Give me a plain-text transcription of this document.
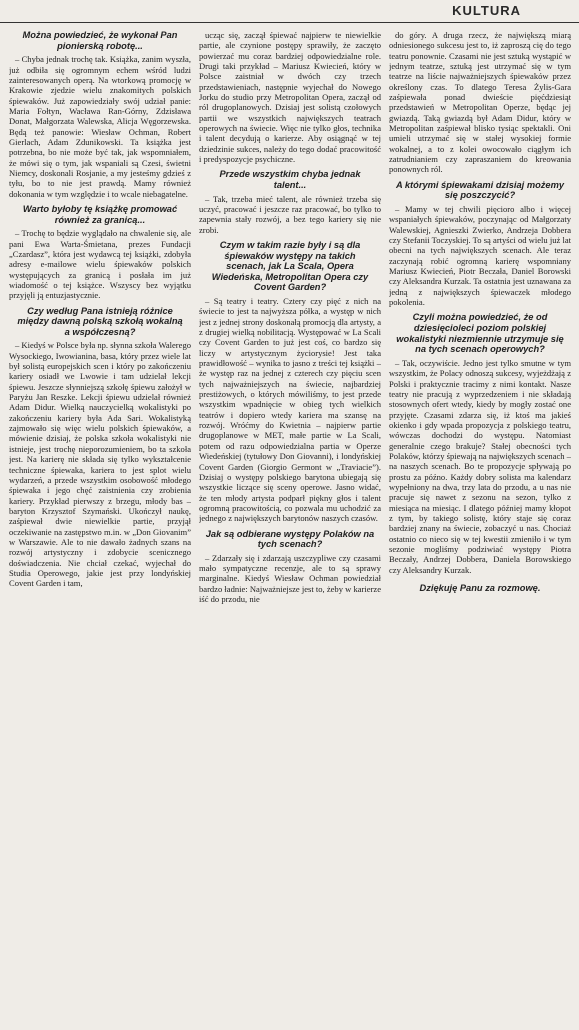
KULTURA
Można powiedzieć, że wykonał Pan pionierską robotę...

– Chyba jednak trochę tak. Książka, zanim wyszła, już odbiła się ogromnym echem wśród ludzi zainteresowanych operą. Na wtorkową promocję w Krakowie zjedzie wielu znakomitych polskich śpiewaków. Już zapowiedziały swój udział panie: Maria Fołtyn, Wacława Ran-Górny, Zdzisława Donat, Małgorzata Walewska, Alicja Węgorzewska. Będą też panowie: Wiesław Ochman, Robert Gierlach, Adam Zdunikowski. Ta książka jest potrzebna, bo nie może być tak, jak wspomniałem, że mówi się o tym, jak wspaniali są Czesi, świetni Niemcy, doskonali Rosjanie, a my jesteśmy gdzieś z tyłu, bo to nie jest prawdą. Mamy również dokonania w tym względzie i to wcale niebagatelne.

Warto byłoby tę książkę promować również za granicą...

– Trochę to będzie wyglądało na chwalenie się, ale pani Ewa Warta-Śmietana, prezes Fundacji „Czardasz”, która jest wydawcą tej książki, zdobyła adresy e-mailowe wielu śpiewaków polskich występujących za granicą i posłała im już wiadomość o tej książce. Wszyscy bez wyjątku przyjęli ją entuzjastycznie.

Czy według Pana istnieją różnice między dawną polską szkołą wokalną a współczesną?

– Kiedyś w Polsce była np. słynna szkoła Walerego Wysockiego, Iwowianina, basa, który przez wiele lat był solistą europejskich scen i który po zakończeniu kariery osiadł we Lwowie i tam udzielał lekcji śpiewu. Jeszcze słynniejszą szkołę śpiewu założył w Paryżu Jan Reszke. Lekcji śpiewu udzielał również Adam Didur. Wielką nauczycielką wokalistyki po zakończeniu kariery była Ada Sari. Wokalistyką zajmowało się więc wielu polskich śpiewaków, a mówienie dzisiaj, że polska szkoła wokalistyki nie istnieje, jest trochę nieporozumieniem, bo ta szkoła jest. Na karierę nie składa się tylko wykształcenie techniczne śpiewaka, kariera to jest splot wielu wydarzeń, a przede wszystkim osobowość młodego śpiewaka i jego chęć zaistnienia czy zrobienia kariery. Przykład pierwszy z brzegu, młody bas – baryton Krzysztof Szymański. Ukończył naukę, zaśpiewał dwie niewielkie partie, przyjął oczekiwanie na zastępstwo m.in. w „Don Giovanim” w Warszawie. Ale to nie dawało żadnych szans na rozwój artystyczny i zdobycie scenicznego doświadczenia. Nie chciał czekać, wyjechał do Studia Operowego, jakie jest przy londyńskiej Covent Garden i tam,

ucząc się, zaczął śpiewać najpierw te niewielkie partie, ale czynione postępy sprawiły, że zaczęto powierzać mu coraz bardziej odpowiedzialne role. Drugi taki przykład – Mariusz Kwiecień, który w Polsce zaistniał w dwóch czy trzech przedstawieniach, następnie wyjechał do Nowego Jorku do studio przy Metropolitan Opera, zaczął od ról drugoplanowych. Dzisiaj jest solistą czołowych partii we wszystkich największych teatrach operowych na świecie. Więc nie tylko głos, technika i talent decydują o karierze. Aby osiągnąć w tej dziedzinie sukces, należy do tego dodać pracowitość i predyspozycje psychiczne.

Przede wszystkim chyba jednak talent...

– Tak, trzeba mieć talent, ale również trzeba się uczyć, pracować i jeszcze raz pracować, bo tylko to zapewnia stały rozwój, a bez tego kariery się nie zrobi.

Czym w takim razie były i są dla śpiewaków występy na takich scenach, jak La Scala, Opera Wiedeńska, Metropolitan Opera czy Covent Garden?

– Są teatry i teatry. Cztery czy pięć z nich na świecie to jest ta najwyższa półka, a występ w nich jest z jednej strony doskonałą promocją dla artysty, a z drugiej wielką nobilitacją. Występować w La Scali czy Covent Garden to już jest coś, co bardzo się liczy w artystycznym życiorysie! Jest taka prawidłowość – wynika to jasno z treści tej książki – że występ raz na jednej z czterech czy pięciu scen tych najważniejszych na świecie, najbardziej prestiżowych, o których mówiliśmy, to jest przede wszystkim wpadnięcie w obieg tych wielkich teatrów i dopiero wtedy kariera ma szansę na rozwój. Wróćmy do Kwietnia – najpierw partie drugoplanowe w MET, małe partie w La Scali, potem od razu odpowiedzialna partia w Operze Wiedeńskiej (tytułowy Don Giovanni), i londyńskiej Covent Garden (Giorgio Germont w „Traviacie”). Dzisiaj o występy polskiego barytona ubiegają się wszystkie liczące się sceny operowe. Jasno widać, że ten młody artysta podparł piękny głos i talent ogromną pracowitością, co pozwala mu uchodzić za jednego z największych barytonów naszych czasów.

Jak są odbierane występy Polaków na tych scenach?

– Zdarzały się i zdarzają uszczypliwe czy czasami mało sympatyczne recenzje, ale to są sprawy marginalne. Kiedyś Wiesław Ochman powiedział bardzo ładnie: Najważniejsze jest to, żeby w karierze iść do przodu, nie

do góry. A druga rzecz, że największą miarą odniesionego sukcesu jest to, iż zaproszą cię do tego teatru ponownie. Czasami nie jest sztuką wystąpić w jednym teatrze, sztuką jest utrzymać się w tym teatrze na liście najważniejszych śpiewaków przez określony czas. To dlatego Teresa Żylis-Gara zaśpiewała ponad dwieście pięćdziesiąt przedstawień w Metropolitan Operze, będąc jej gwiazdą. Taką gwiazdą był Adam Didur, który w Metropolitan zaśpiewał blisko tysiąc spektakli. Oni umieli utrzymać się w stałej wysokiej formie wokalnej, a to z kolei owocowało ciągłym ich zatrudnianiem czy zapraszaniem do kreowania ponownych ról.

A którymi śpiewakami dzisiaj możemy się poszczycić?

– Mamy w tej chwili pięciorо albo i więcej wspaniałych śpiewaków, poczynając od Małgorzaty Walewskiej, Agnieszki Zwierko, Andrzeja Dobbera czy Stefanii Toczyskiej. To są artyści od wielu już lat obecni na tych największych scenach. Ale teraz zaczynają robić ogromną karierę wspomniany Mariusz Kwiecień, Piotr Beczała, Daniel Borowski czy Aleksandra Kurzak. Ta ostatnia jest uznawana za jedną z największych śpiewaczek młodego pokolenia.

Czyli można powiedzieć, że od dziesięcioleci poziom polskiej wokalistyki niezmiennie utrzymuje się na tych scenach operowych?

– Tak, oczywiście. Jedno jest tylko smutne w tym wszystkim, że Polacy odnoszą sukcesy, wyjeżdżają z Polski i praktycznie tracimy z nimi kontakt. Nasze teatry nie pracują z wyprzedzeniem i nie składają stosownych ofert wtedy, kiedy by mogły zostać one przyjęte. Czasami zdarza się, iż ktoś ma jakieś okienko i gdy wpada propozycja z polskiego teatru, wówczas dochodzi do występu. Natomiast generalnie czego brakuje? Stałej obecności tych Polaków, którzy śpiewają na największych scenach – na naszych scenach. Bo te propozycje spływają po prostu za późno. Każdy dobry solista ma kalendarz wypełniony na dwa, trzy lata do przodu, a u nas nie pracuje się nawet z sezonu na sezon, tylko z miesiąca na miesiąc. I dlatego później mamy kłopot z tym, by takiego solistę, który staje się coraz bardziej znany na świecie, zobaczyć u nas. Chociaż ostatnio co nieco się w tej kwestii zmieniło i w tym sezonie mogliśmy podziwiać występy Piotra Beczały, Andrzej Dobbera, Daniela Borowskiego czy Aleksandry Kurzak.

Dziękuję Panu za rozmowę.
